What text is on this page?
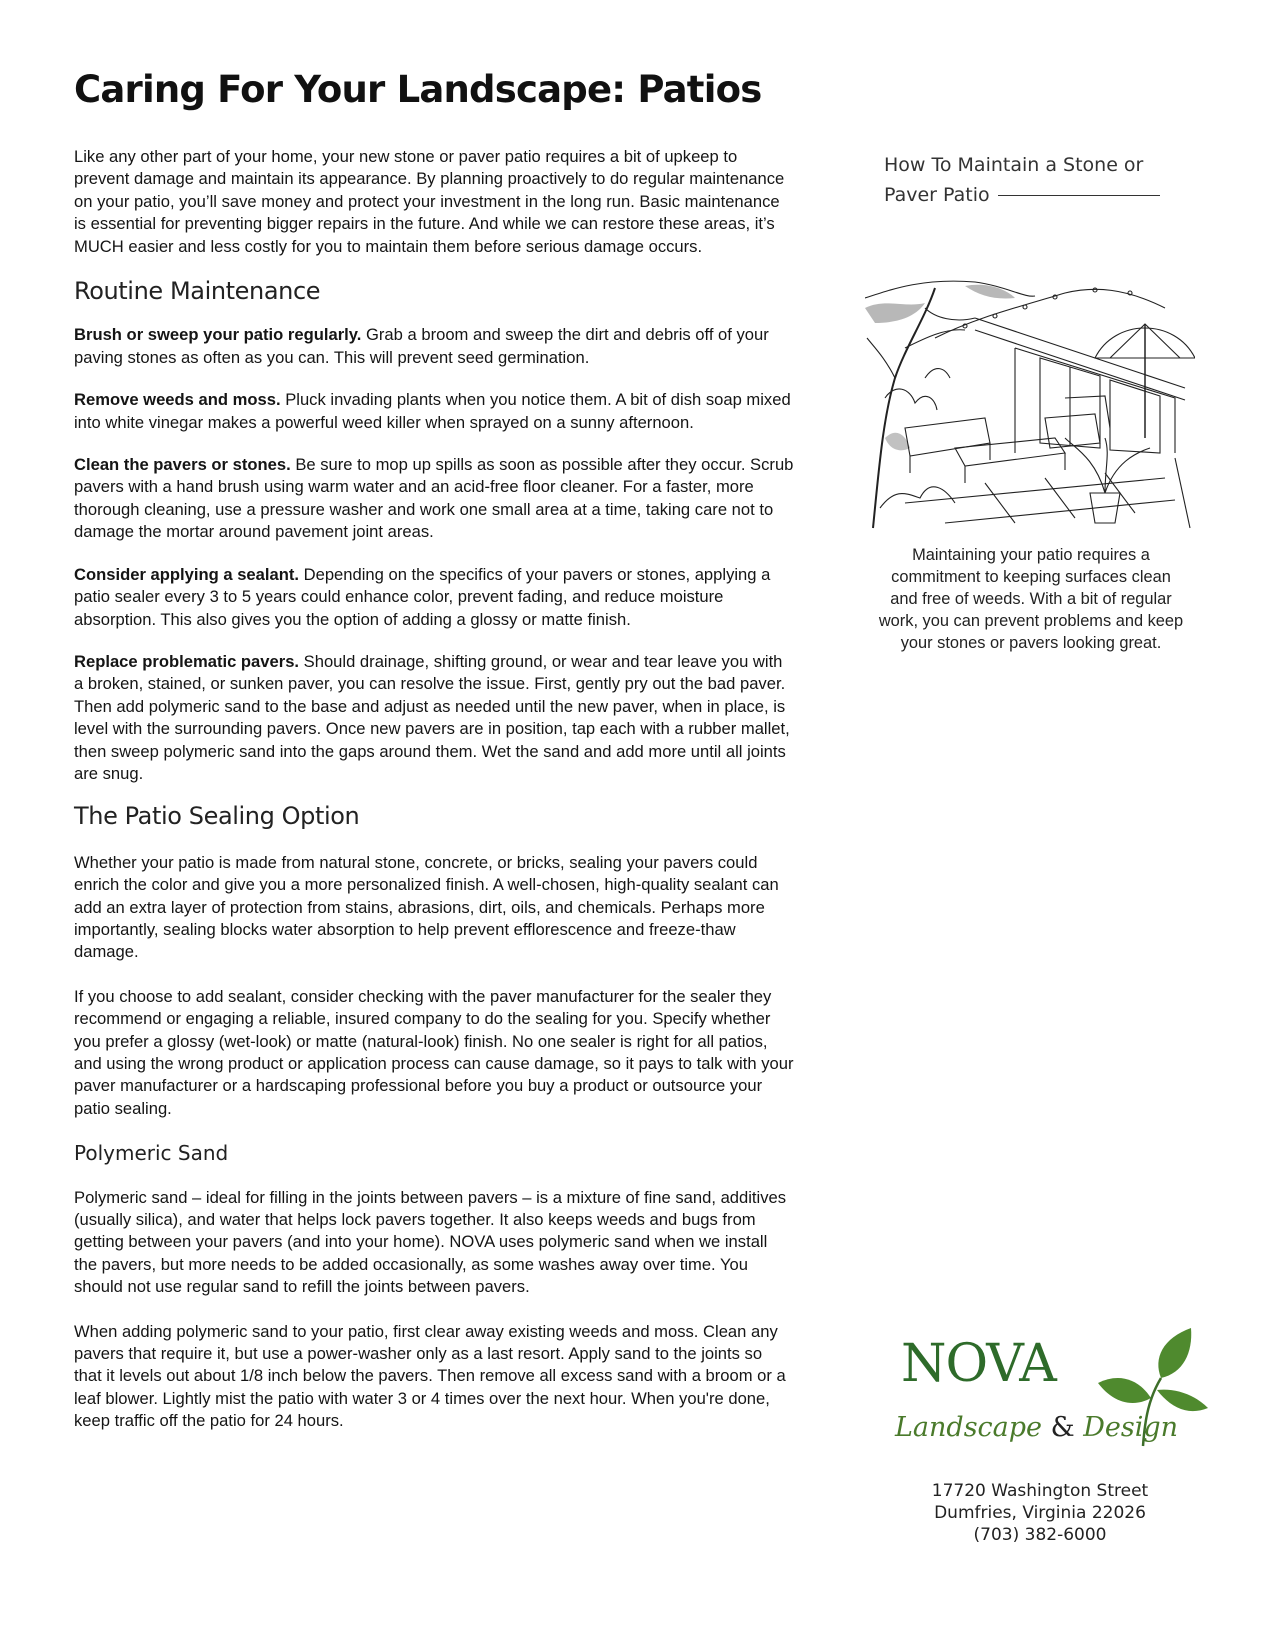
Caring For Your Landscape: Patios

Like any other part of your home, your new stone or paver patio requires a bit of upkeep to prevent damage and maintain its appearance. By planning proactively to do regular maintenance on your patio, you’ll save money and protect your investment in the long run. Basic maintenance is essential for preventing bigger repairs in the future. And while we can restore these areas, it’s MUCH easier and less costly for you to maintain them before serious damage occurs.

Routine Maintenance

Brush or sweep your patio regularly. Grab a broom and sweep the dirt and debris off of your paving stones as often as you can. This will prevent seed germination.

Remove weeds and moss. Pluck invading plants when you notice them. A bit of dish soap mixed into white vinegar makes a powerful weed killer when sprayed on a sunny afternoon.

Clean the pavers or stones. Be sure to mop up spills as soon as possible after they occur. Scrub pavers with a hand brush using warm water and an acid-free floor cleaner. For a faster, more thorough cleaning, use a pressure washer and work one small area at a time, taking care not to damage the mortar around pavement joint areas.

Consider applying a sealant. Depending on the specifics of your pavers or stones, applying a patio sealer every 3 to 5 years could enhance color, prevent fading, and reduce moisture absorption. This also gives you the option of adding a glossy or matte finish.

Replace problematic pavers. Should drainage, shifting ground, or wear and tear leave you with a broken, stained, or sunken paver, you can resolve the issue. First, gently pry out the bad paver. Then add polymeric sand to the base and adjust as needed until the new paver, when in place, is level with the surrounding pavers. Once new pavers are in position, tap each with a rubber mallet, then sweep polymeric sand into the gaps around them. Wet the sand and add more until all joints are snug.

The Patio Sealing Option

Whether your patio is made from natural stone, concrete, or bricks, sealing your pavers could enrich the color and give you a more personalized finish. A well-chosen, high-quality sealant can add an extra layer of protection from stains, abrasions, dirt, oils, and chemicals. Perhaps more importantly, sealing blocks water absorption to help prevent efflorescence and freeze-thaw damage.

If you choose to add sealant, consider checking with the paver manufacturer for the sealer they recommend or engaging a reliable, insured company to do the sealing for you. Specify whether you prefer a glossy (wet-look) or matte (natural-look) finish. No one sealer is right for all patios, and using the wrong product or application process can cause damage, so it pays to talk with your paver manufacturer or a hardscaping professional before you buy a product or outsource your patio sealing.

Polymeric Sand

Polymeric sand – ideal for filling in the joints between pavers – is a mixture of fine sand, additives (usually silica), and water that helps lock pavers together. It also keeps weeds and bugs from getting between your pavers (and into your home). NOVA uses polymeric sand when we install the pavers, but more needs to be added occasionally, as some washes away over time. You should not use regular sand to refill the joints between pavers.

When adding polymeric sand to your patio, first clear away existing weeds and moss. Clean any pavers that require it, but use a power-washer only as a last resort. Apply sand to the joints so that it levels out about 1/8 inch below the pavers. Then remove all excess sand with a broom or a leaf blower. Lightly mist the patio with water 3 or 4 times over the next hour. When you're done, keep traffic off the patio for 24 hours.

How To Maintain a Stone or
Paver Patio
Maintaining your patio requires a commitment to keeping surfaces clean and free of weeds. With a bit of regular work, you can prevent problems and keep your stones or pavers looking great.
NOVA
Landscape & Design
17720 Washington Street
Dumfries, Virginia 22026
(703) 382-6000
